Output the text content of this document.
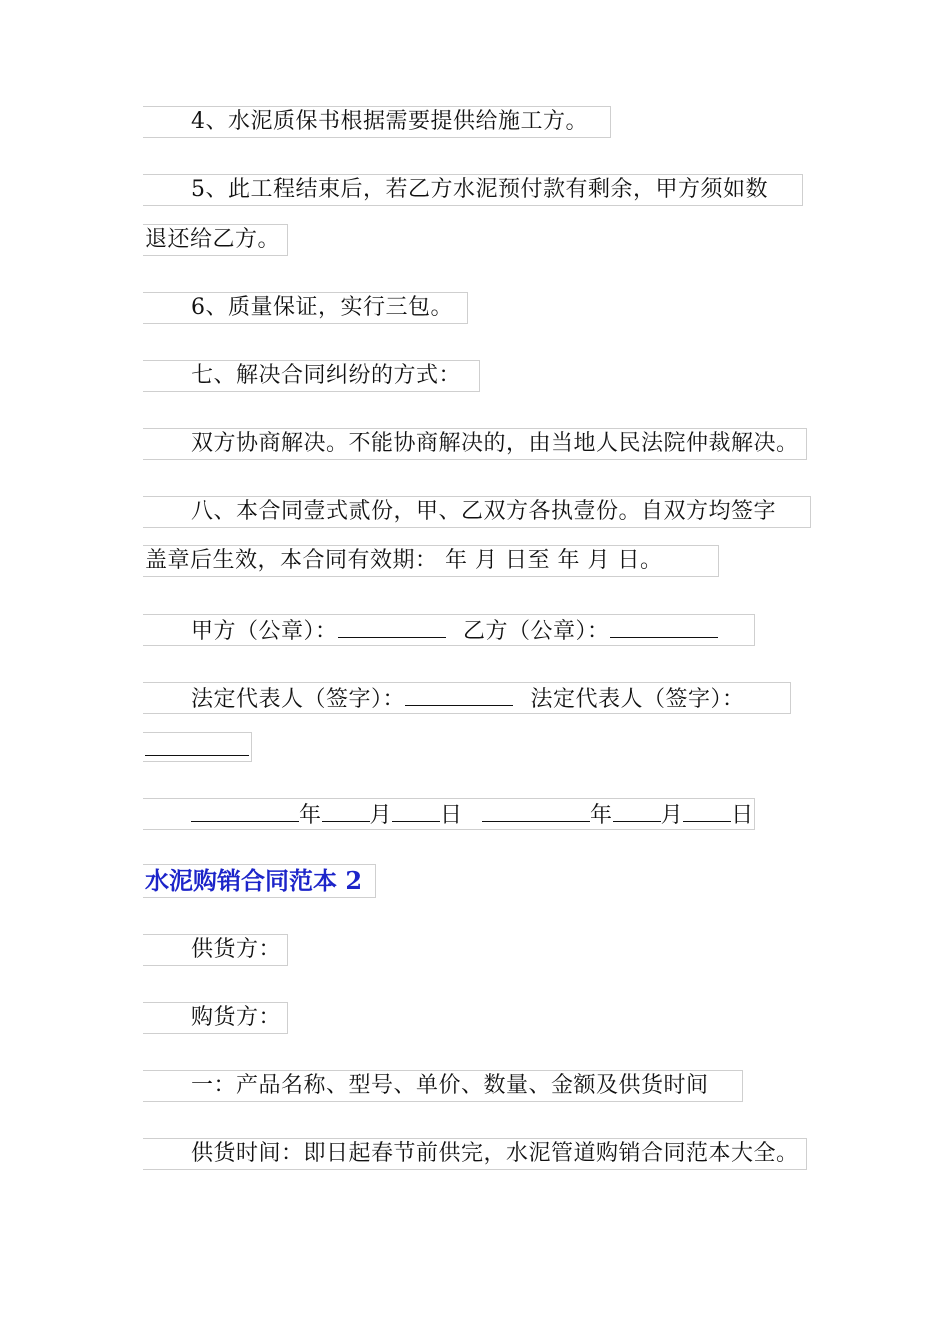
4、水泥质保书根据需要提供给施工方。
5、此工程结束后，若乙方水泥预付款有剩余，甲方须如数
退还给乙方。
6、质量保证，实行三包。
七、解决合同纠纷的方式：
双方协商解决。不能协商解决的，由当地人民法院仲裁解决。
八、本合同壹式贰份，甲、乙双方各执壹份。自双方均签字
盖章后生效，本合同有效期： 年 月 日至 年 月 日。
甲方（公章）：	乙方（公章）：
法定代表人（签字）：	法定代表人（签字）：
年 月 日	年 月 日
水泥购销合同范本 2
供货方：
购货方：
一：产品名称、型号、单价、数量、金额及供货时间
供货时间：即日起春节前供完，水泥管道购销合同范本大全。
